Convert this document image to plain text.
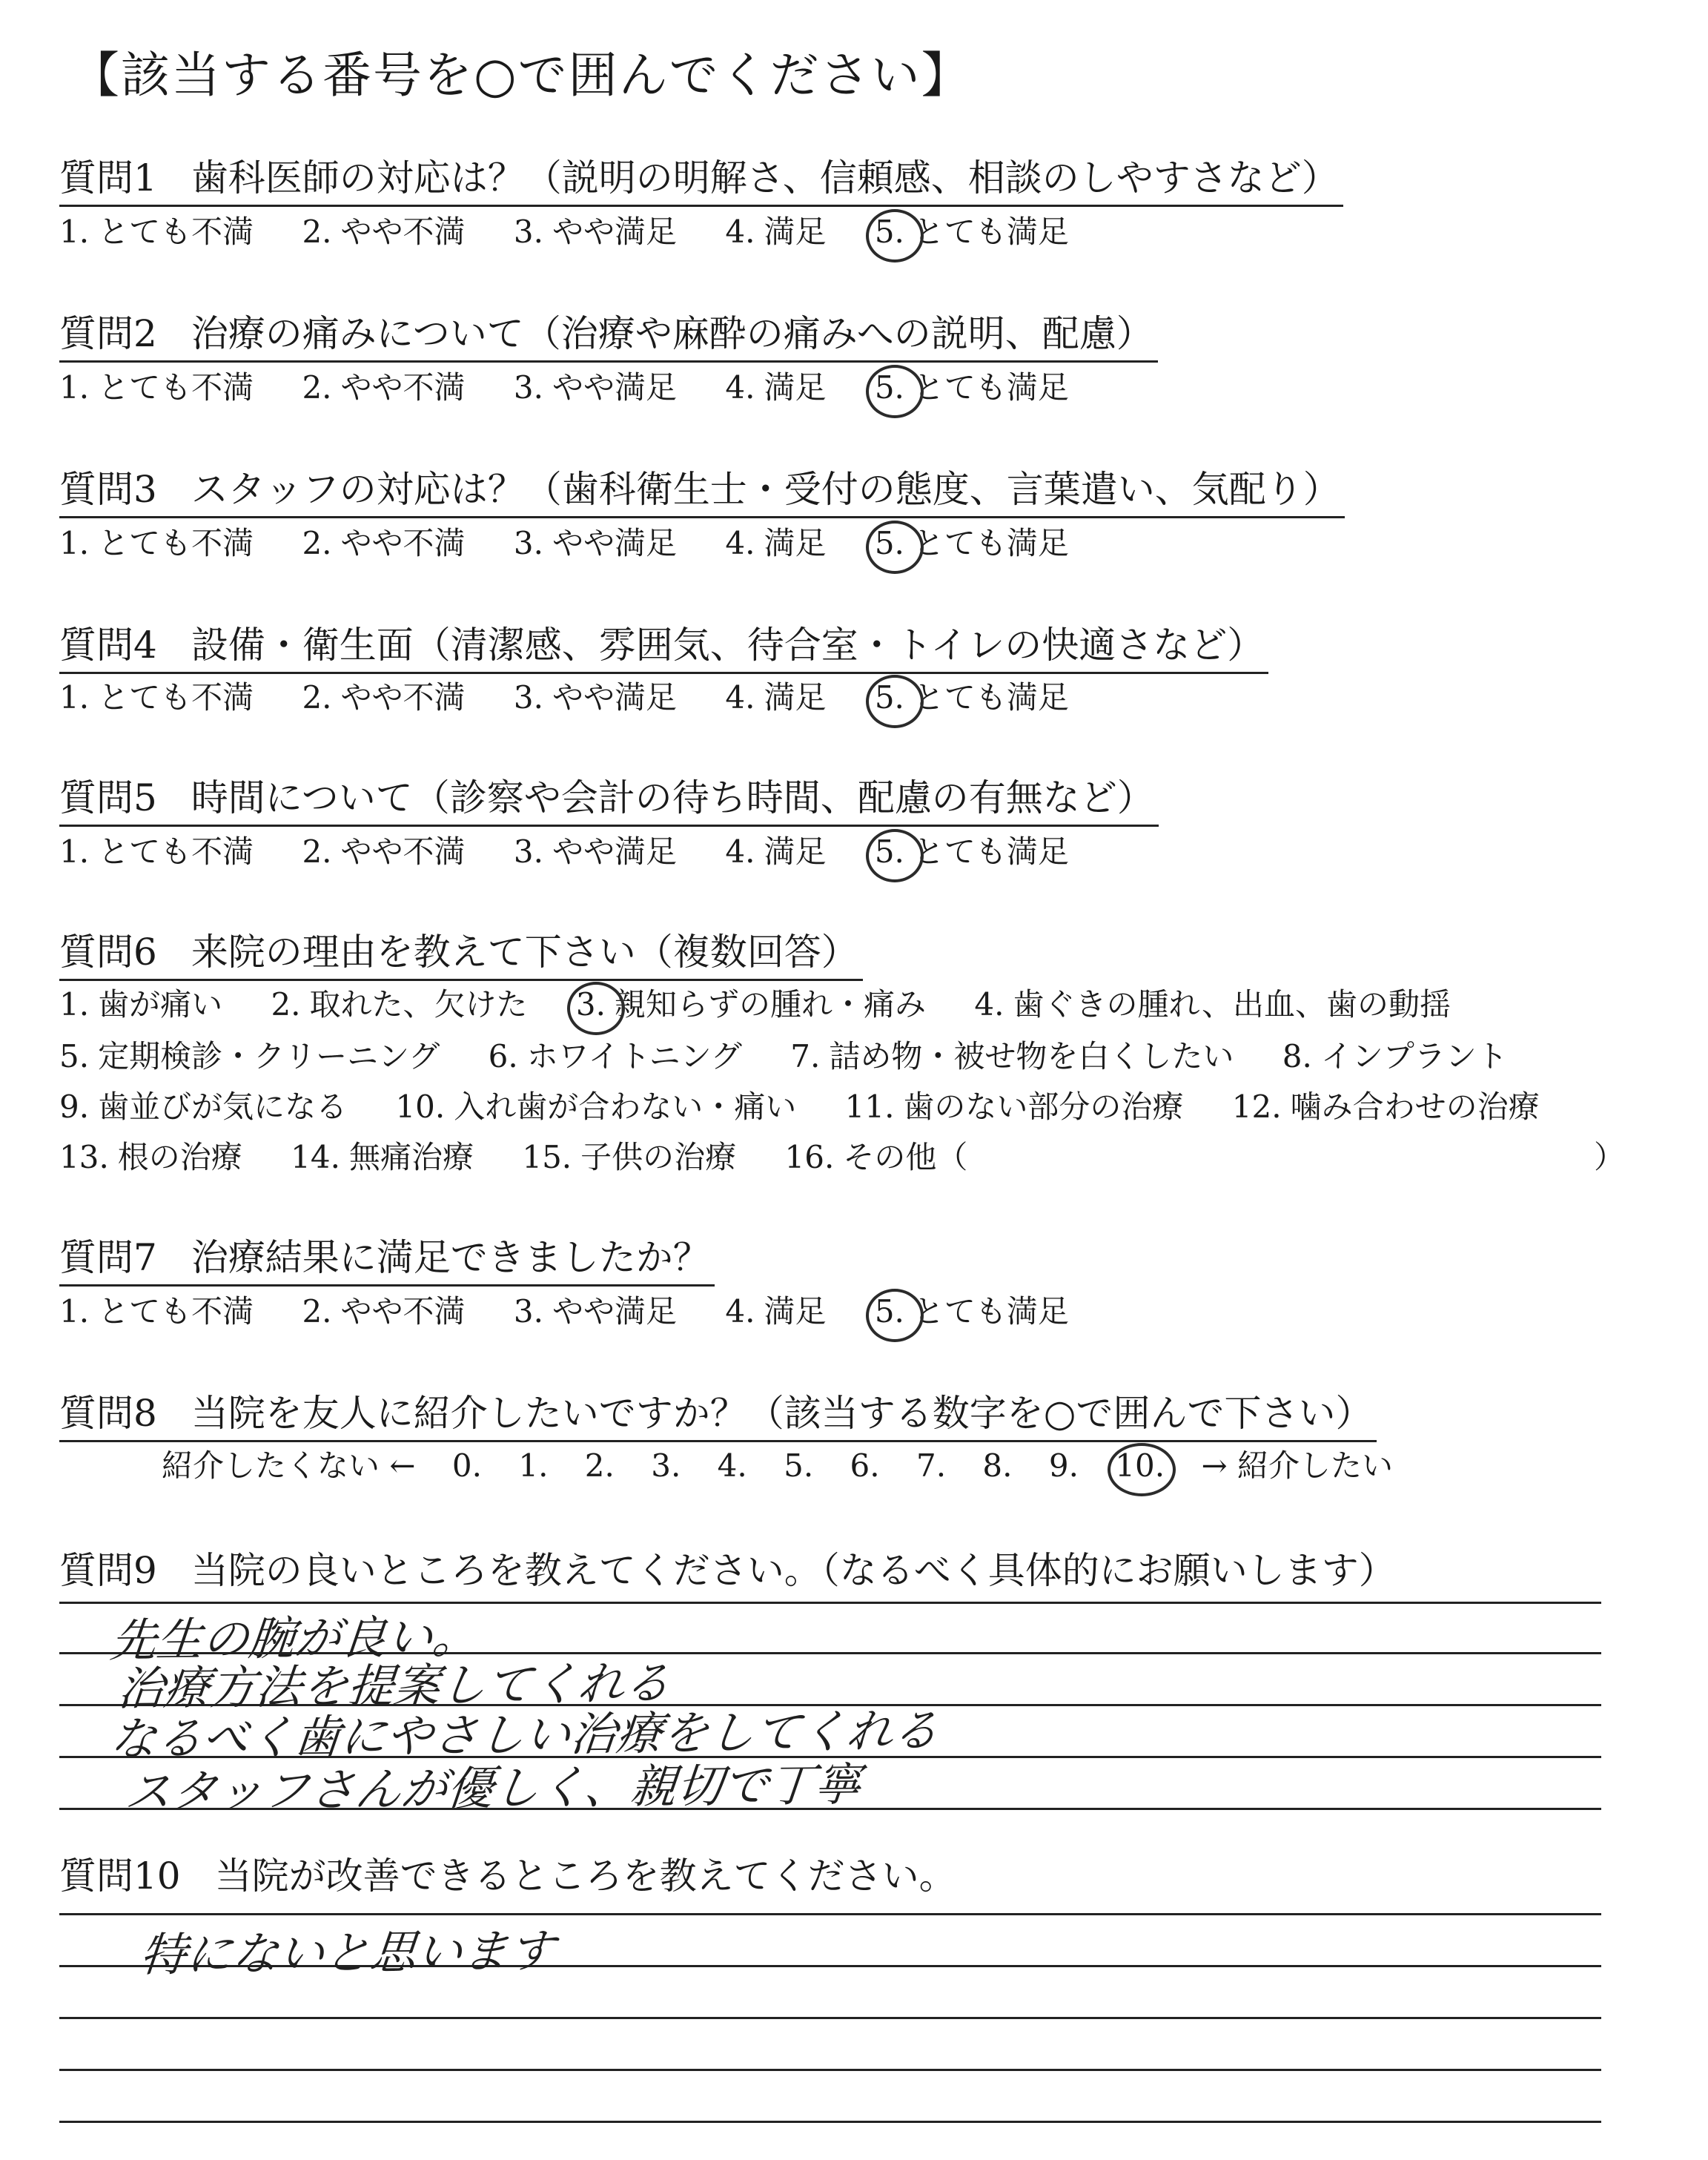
【該当する番号を○で囲んでください】
質問1 歯科医師の対応は？（説明の明解さ、信頼感、相談のしやすさなど）
1. とても不満 2. やや不満 3. やや満足 4. 満足 5. とても満足
質問2 治療の痛みについて（治療や麻酔の痛みへの説明、配慮）
1. とても不満 2. やや不満 3. やや満足 4. 満足 5. とても満足
質問3 スタッフの対応は？（歯科衛生士・受付の態度、言葉遣い、気配り）
1. とても不満 2. やや不満 3. やや満足 4. 満足 5. とても満足
質問4 設備・衛生面（清潔感、雰囲気、待合室・トイレの快適さなど）
1. とても不満 2. やや不満 3. やや満足 4. 満足 5. とても満足
質問5 時間について（診察や会計の待ち時間、配慮の有無など）
1. とても不満 2. やや不満 3. やや満足 4. 満足 5. とても満足
質問6 来院の理由を教えて下さい（複数回答）
1. 歯が痛い 2. 取れた、欠けた 3. 親知らずの腫れ・痛み 4. 歯ぐきの腫れ、出血、歯の動揺
5. 定期検診・クリーニング 6. ホワイトニング 7. 詰め物・被せ物を白くしたい 8. インプラント
9. 歯並びが気になる 10. 入れ歯が合わない・痛い 11. 歯のない部分の治療 12. 噛み合わせの治療
13. 根の治療 14. 無痛治療 15. 子供の治療 16. その他（	）
質問7 治療結果に満足できましたか？
1. とても不満 2. やや不満 3. やや満足 4. 満足 5. とても満足
質問8 当院を友人に紹介したいですか？（該当する数字を○で囲んで下さい）
紹介したくない ← 0. 1. 2. 3. 4. 5. 6. 7. 8. 9. 10. → 紹介したい
質問9 当院の良いところを教えてください。（なるべく具体的にお願いします）
先生の腕が良い。
治療方法を提案してくれる
なるべく歯にやさしい治療をしてくれる
スタッフさんが優しく、親切で丁寧
質問10 当院が改善できるところを教えてください。
特にないと思います
